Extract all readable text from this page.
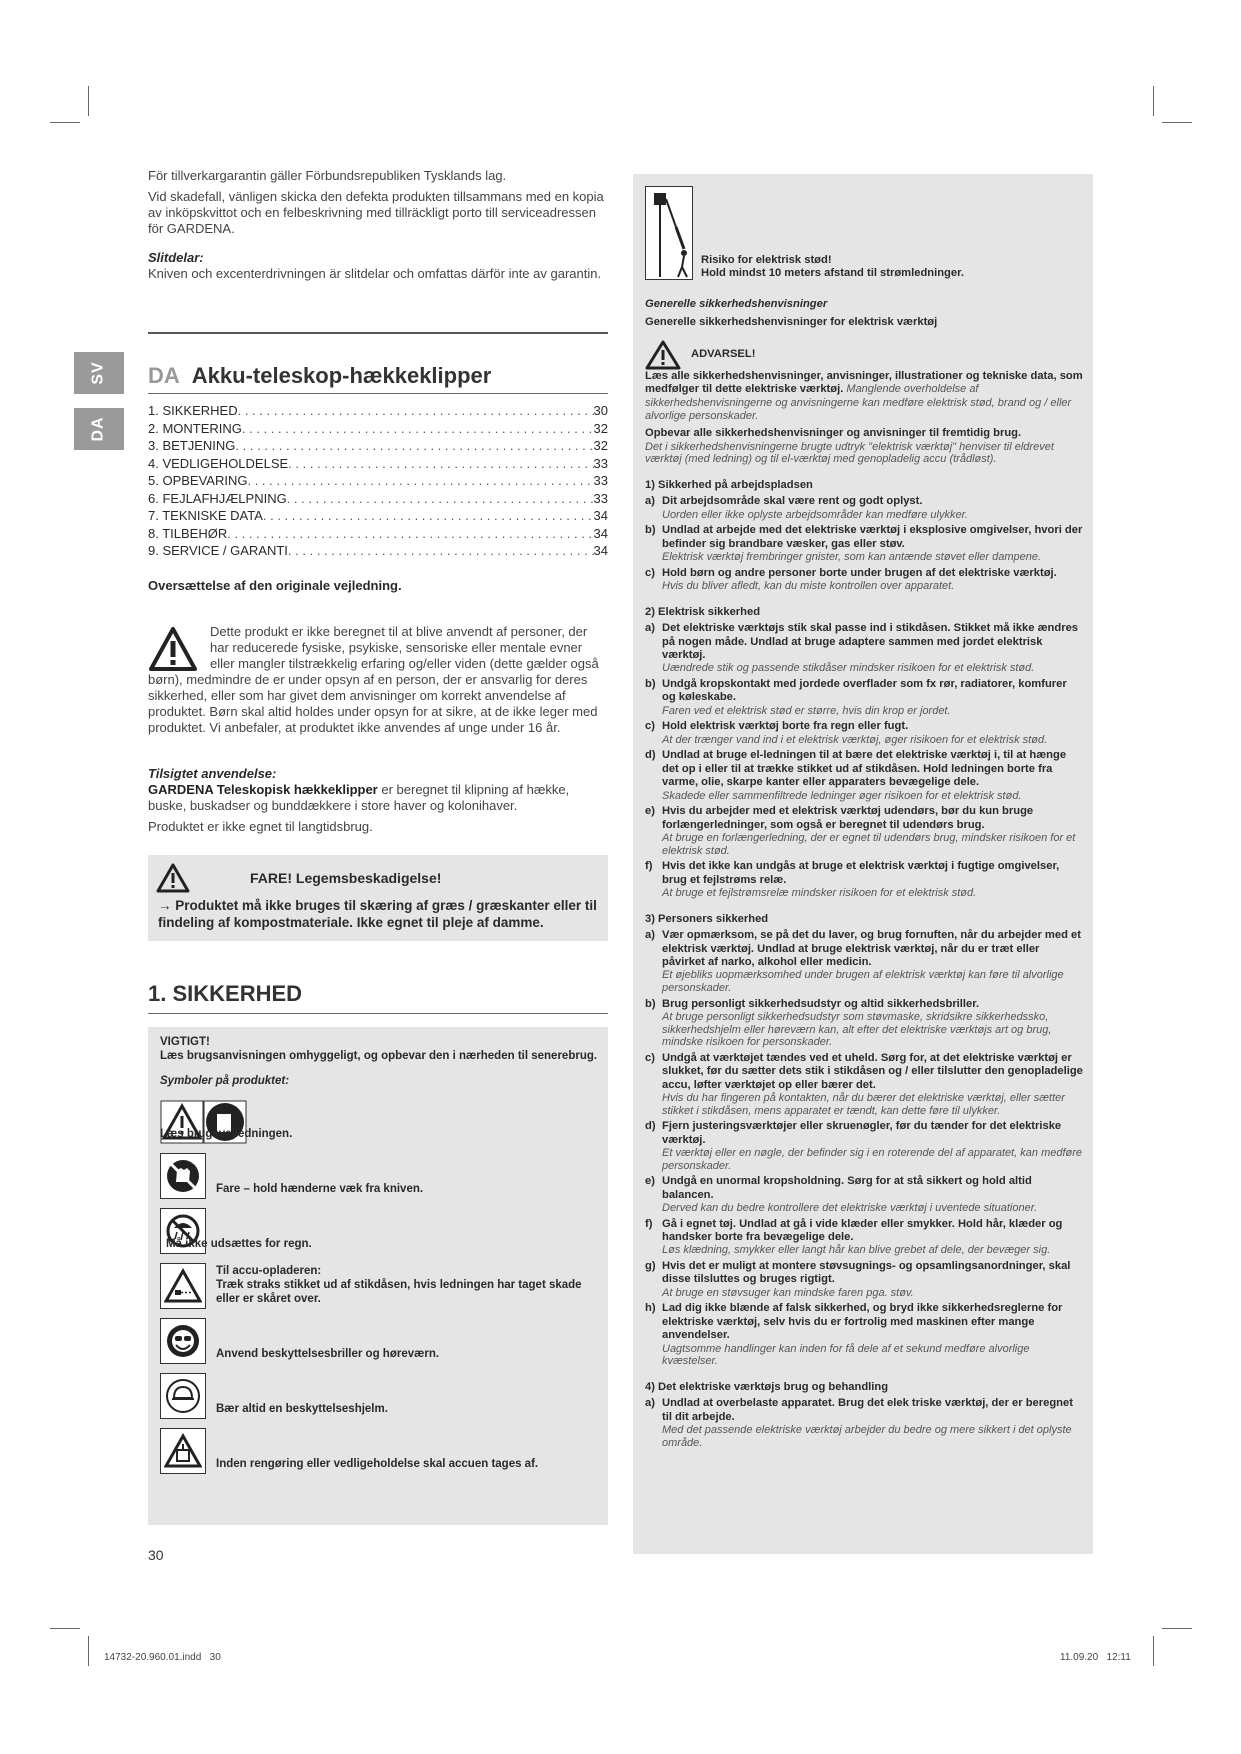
SV
DA

För tillverkargarantin gäller Förbundsrepubliken Tysklands lag.

Vid skadefall, vänligen skicka den defekta produkten tillsammans med en kopia av inköpskvittot och en felbeskrivning med tillräckligt porto till serviceadressen för GARDENA.

Slitdelar:

Kniven och excenterdrivningen är slitdelar och omfattas därför inte av garantin.

DA Akku-teleskop-hækkeklipper
1. SIKKERHED . . .	30
2. MONTERING . . .	32
3. BETJENING . . .	32
4. VEDLIGEHOLDELSE . . .	33
5. OPBEVARING . . .	33
6. FEJLAFHJÆLPNING . . .	33
7. TEKNISKE DATA . . .	34
8. TILBEHØR . . .	34
9. SERVICE / GARANTI . . .	34

Oversættelse af den originale vejledning.

Dette produkt er ikke beregnet til at blive anvendt af personer, der har reducerede fysiske, psykiske, sensoriske eller mentale evner eller mangler tilstrækkelig erfaring og/eller viden (dette gælder også børn), medmindre de er under opsyn af en person, der er ansvarlig for deres sikkerhed, eller som har givet dem anvisninger om korrekt anvendelse af produktet. Børn skal altid holdes under opsyn for at sikre, at de ikke leger med produktet. Vi anbefaler, at produktet ikke anvendes af unge under 16 år.

Tilsigtet anvendelse:

GARDENA Teleskopisk hækkeklipper er beregnet til klipning af hække, buske, buskadser og bunddækkere i store haver og kolonihaver.

Produktet er ikke egnet til langtidsbrug.

FARE! Legemsbeskadigelse!

→ Produktet må ikke bruges til skæring af græs / græskanter eller til findeling af kompostmateriale. Ikke egnet til pleje af damme.

1. SIKKERHED

VIGTIGT!

Læs brugsanvisningen omhyggeligt, og opbevar den i nærheden til senerebrug.

Symboler på produktet:

Læs brugsvejledningen.
Fare – hold hænderne væk fra kniven.
Må ikke udsættes for regn.
Til accu-opladeren:
Træk straks stikket ud af stikdåsen, hvis ledningen har taget skade eller er skåret over.
Anvend beskyttelsesbriller og høreværn.
Bær altid en beskyttelseshjelm.
Inden rengøring eller vedligeholdelse skal accuen tages af.

30

Risiko for elektrisk stød!

Hold mindst 10 meters afstand til strømledninger.

Generelle sikkerhedshenvisninger

Generelle sikkerhedshenvisninger for elektrisk værktøj

ADVARSEL!

Læs alle sikkerhedshenvisninger, anvisninger, illustrationer og tekniske data, som medfølger til dette elektriske værktøj. Manglende overholdelse af sikkerhedshenvisningerne og anvisningerne kan medføre elektrisk stød, brand og / eller alvorlige personskader.

Opbevar alle sikkerhedshenvisninger og anvisninger til fremtidig brug.

Det i sikkerhedshenvisningerne brugte udtryk "elektrisk værktøj" henviser til eldrevet værktøj (med ledning) og til el-værktøj med genopladelig accu (trådløst).

1) Sikkerhed på arbejdspladsen

a) Dit arbejdsområde skal være rent og godt oplyst.

Uorden eller ikke oplyste arbejdsområder kan medføre ulykker.

b) Undlad at arbejde med det elektriske værktøj i eksplosive omgivelser, hvori der befinder sig brandbare væsker, gas eller støv.

Elektrisk værktøj frembringer gnister, som kan antænde støvet eller dampene.

c) Hold børn og andre personer borte under brugen af det elektriske værktøj.

Hvis du bliver afledt, kan du miste kontrollen over apparatet.

2) Elektrisk sikkerhed

a) Det elektriske værktøjs stik skal passe ind i stikdåsen. Stikket må ikke ændres på nogen måde. Undlad at bruge adaptere sammen med jordet elektrisk værktøj.

Uændrede stik og passende stikdåser mindsker risikoen for et elektrisk stød.

b) Undgå kropskontakt med jordede overflader som fx rør, radiatorer, komfurer og køleskabe.

Faren ved et elektrisk stød er større, hvis din krop er jordet.

c) Hold elektrisk værktøj borte fra regn eller fugt.

At der trænger vand ind i et elektrisk værktøj, øger risikoen for et elektrisk stød.

d) Undlad at bruge el-ledningen til at bære det elektriske værktøj i, til at hænge det op i eller til at trække stikket ud af stikdåsen. Hold ledningen borte fra varme, olie, skarpe kanter eller apparaters bevægelige dele.

Skadede eller sammenfiltrede ledninger øger risikoen for et elektrisk stød.

e) Hvis du arbejder med et elektrisk værktøj udendørs, bør du kun bruge forlængerledninger, som også er beregnet til udendørs brug.

At bruge en forlængerledning, der er egnet til udendørs brug, mindsker risikoen for et elektrisk stød.

f) Hvis det ikke kan undgås at bruge et elektrisk værktøj i fugtige omgivelser, brug et fejlstrøms relæ.

At bruge et fejlstrømsrelæ mindsker risikoen for et elektrisk stød.

3) Personers sikkerhed

a) Vær opmærksom, se på det du laver, og brug fornuften, når du arbejder med et elektrisk værktøj. Undlad at bruge elektrisk værktøj, når du er træt eller påvirket af narko, alkohol eller medicin.

Et øjebliks uopmærksomhed under brugen af elektrisk værktøj kan føre til alvorlige personskader.

b) Brug personligt sikkerhedsudstyr og altid sikkerhedsbriller.

At bruge personligt sikkerhedsudstyr som støvmaske, skridsikre sikkerhedssko, sikkerhedshjelm eller høreværn kan, alt efter det elektriske værktøjs art og brug, mindske risikoen for personskader.

c) Undgå at værktøjet tændes ved et uheld. Sørg for, at det elektriske værktøj er slukket, før du sætter dets stik i stikdåsen og / eller tilslutter den genopladelige accu, løfter værktøjet op eller bærer det.

Hvis du har fingeren på kontakten, når du bærer det elektriske værktøj, eller sætter stikket i stikdåsen, mens apparatet er tændt, kan dette føre til ulykker.

d) Fjern justeringsværktøjer eller skruenøgler, før du tænder for det elektriske værktøj.

Et værktøj eller en nøgle, der befinder sig i en roterende del af apparatet, kan medføre personskader.

e) Undgå en unormal kropsholdning. Sørg for at stå sikkert og hold altid balancen.

Derved kan du bedre kontrollere det elektriske værktøj i uventede situationer.

f) Gå i egnet tøj. Undlad at gå i vide klæder eller smykker. Hold hår, klæder og handsker borte fra bevægelige dele.

Løs klædning, smykker eller langt hår kan blive grebet af dele, der bevæger sig.

g) Hvis det er muligt at montere støvsugnings- og opsamlingsanordninger, skal disse tilsluttes og bruges rigtigt.

At bruge en støvsuger kan mindske faren pga. støv.

h) Lad dig ikke blænde af falsk sikkerhed, og bryd ikke sikkerhedsreglerne for elektriske værktøj, selv hvis du er fortrolig med maskinen efter mange anvendelser.

Uagtsomme handlinger kan inden for få dele af et sekund medføre alvorlige kvæstelser.

4) Det elektriske værktøjs brug og behandling

a) Undlad at overbelaste apparatet. Brug det elek triske værktøj, der er beregnet til dit arbejde.

Med det passende elektriske værktøj arbejder du bedre og mere sikkert i det oplyste område.

14732-20.960.01.indd   30	11.09.20   12:11
